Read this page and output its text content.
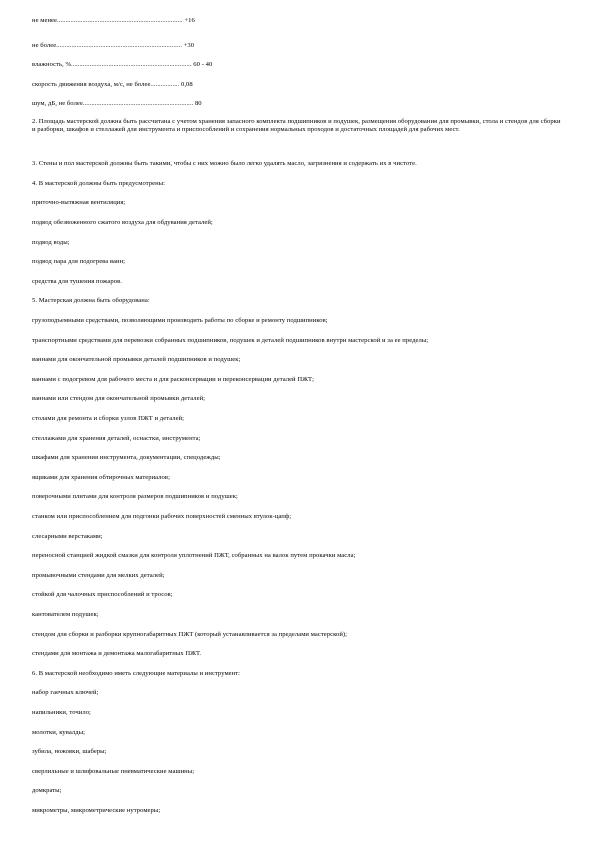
не менее.......................................................................... +16
не более.......................................................................... +30
влажность, %....................................................................... 60 - 40
скорость движения воздуха, м/с, не более................. 0,08
шум, дБ, не более................................................................. 80
2. Площадь мастерской должна быть рассчитана с учетом хранения запасного комплекта подшипников и подушек, размещения оборудования для промывки, стола и стендов для сборки и разборки, шкафов и стеллажей для инструмента и приспособлений и сохранения нормальных проходов и достаточных площадей для рабочих мест.
3. Стены и пол мастерской должны быть такими, чтобы с них можно было легко удалять масло, загрязнения и содержать их в чистоте.
4. В мастерской должны быть предусмотрены:
приточно-вытяжная вентиляция;
подвод обезвоженного сжатого воздуха для обдувания деталей;
подвод воды;
подвод пара для подогрева ванн;
средства для тушения пожаров.
5. Мастерская должна быть оборудована:
грузоподъемными средствами, позволяющими производить работы по сборке и ремонту подшипников;
транспортными средствами для перевозки собранных подшипников, подушек и деталей подшипников внутри мастерской и за ее пределы;
ваннами для окончательной промывки деталей подшипников и подушек;
ваннами с подогревом для рабочего места и для расконсервации и переконсервации деталей ПЖТ;
ваннами или стендом для окончательной промывки деталей;
столами для ремонта и сборки узлов ПЖТ и деталей;
стеллажами для хранения деталей, оснастки, инструмента;
шкафами для хранения инструмента, документации, спецодежды;
ящиками для хранения обтирочных материалов;
поверочными плитами для контроля размеров подшипников и подушек;
станком или приспособлением для подгонки рабочих поверхностей сменных втулок-цапф;
слесарными верстаками;
переносной станцией жидкой смазки для контроля уплотнений ПЖТ, собранных на валок путем прокачки масла;
промывочными стендами для мелких деталей;
стойкой для чалочных приспособлений и тросов;
кантователем подушек;
стендом для сборки и разборки крупногабаритных ПЖТ (который устанавливается за пределами мастерской);
стендами для монтажа и демонтажа малогабаритных ПЖТ.
6. В мастерской необходимо иметь следующие материалы и инструмент:
набор гаечных ключей;
напильники, точило;
молотки, кувалды;
зубила, ножовки, шаберы;
сверлильные и шлифовальные пневматические машины;
домкраты;
микрометры, микрометрические нутромеры;
